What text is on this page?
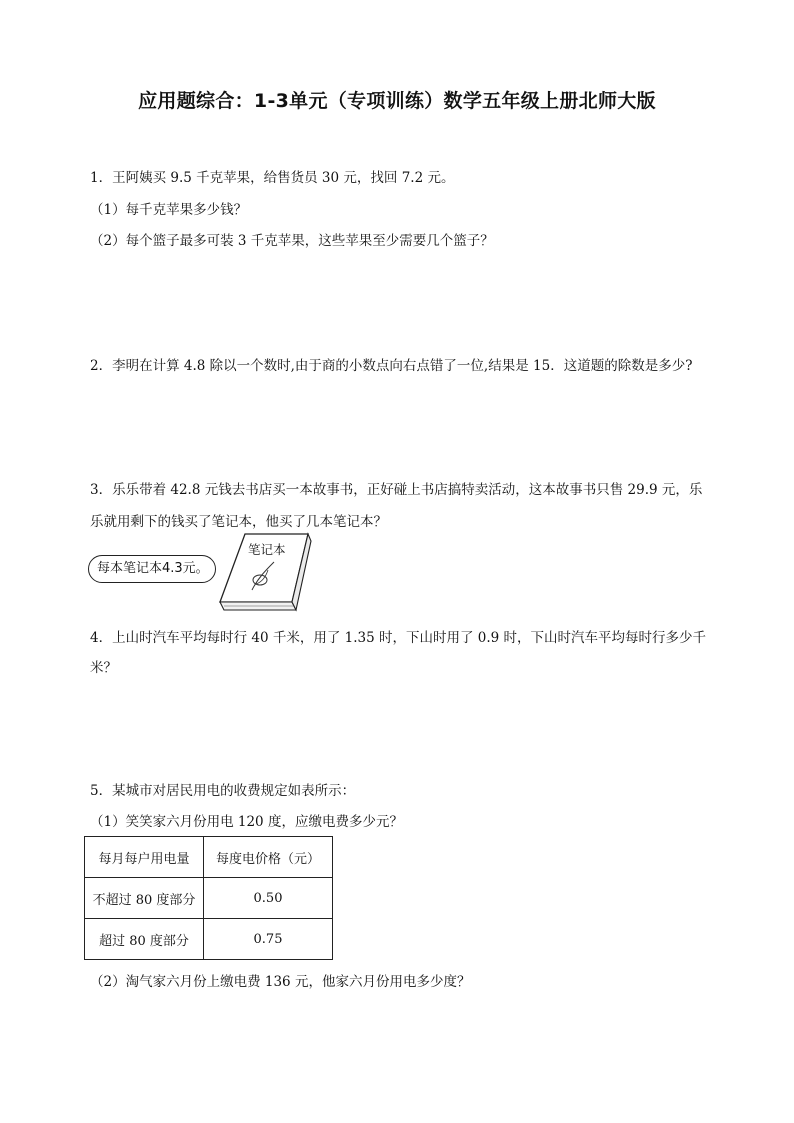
应用题综合：1-3单元（专项训练）数学五年级上册北师大版
1．王阿姨买 9.5 千克苹果，给售货员 30 元，找回 7.2 元。
（1）每千克苹果多少钱？
（2）每个篮子最多可装 3 千克苹果，这些苹果至少需要几个篮子？
2．李明在计算 4.8 除以一个数时,由于商的小数点向右点错了一位,结果是 15．这道题的除数是多少?
3．乐乐带着 42.8 元钱去书店买一本故事书，正好碰上书店搞特卖活动，这本故事书只售 29.9 元，乐
乐就用剩下的钱买了笔记本，他买了几本笔记本？
每本笔记本4.3元。
笔记本
4．上山时汽车平均每时行 40 千米，用了 1.35 时，下山时用了 0.9 时，下山时汽车平均每时行多少千
米？
5．某城市对居民用电的收费规定如表所示：
（1）笑笑家六月份用电 120 度，应缴电费多少元？
每月每户用电量	每度电价格（元）
不超过 80 度部分	0.50
超过 80 度部分	0.75
（2）淘气家六月份上缴电费 136 元，他家六月份用电多少度？
